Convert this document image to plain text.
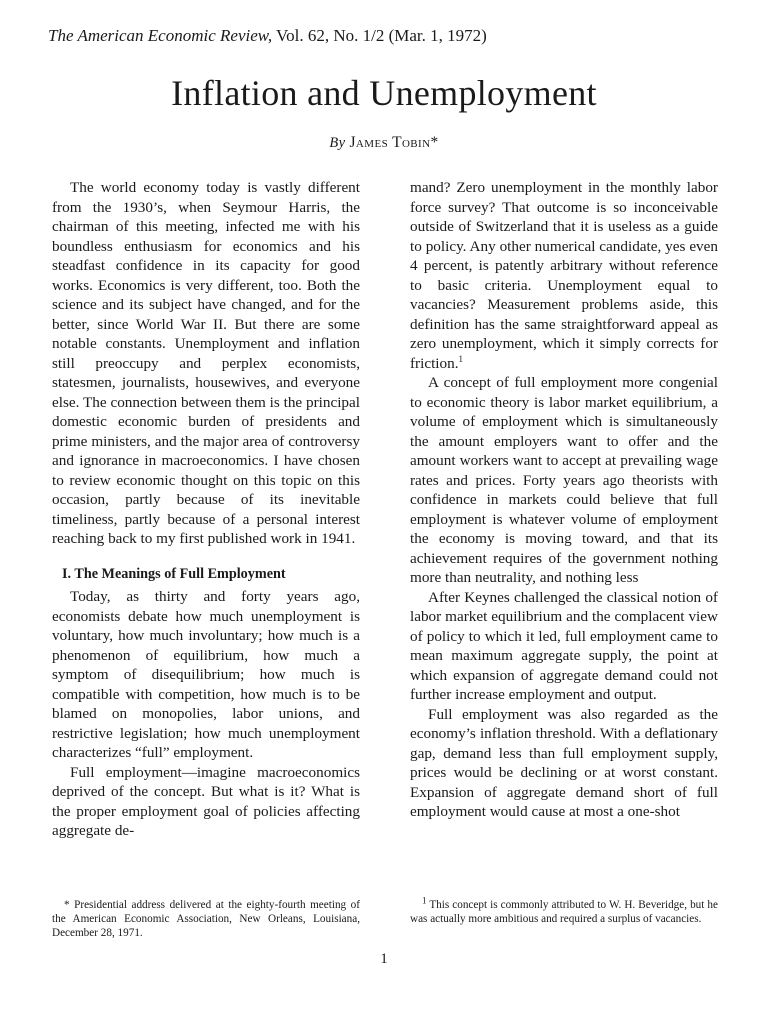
The American Economic Review, Vol. 62, No. 1/2 (Mar. 1, 1972)
Inflation and Unemployment
By James Tobin*

The world economy today is vastly different from the 1930’s, when Seymour Harris, the chairman of this meeting, infected me with his boundless enthusiasm for economics and his steadfast confidence in its capacity for good works. Economics is very different, too. Both the science and its subject have changed, and for the better, since World War II. But there are some notable constants. Unemployment and inflation still preoccupy and perplex economists, statesmen, journalists, housewives, and everyone else. The connection between them is the principal domestic economic burden of presidents and prime ministers, and the major area of controversy and ignorance in macroeconomics. I have chosen to review economic thought on this topic on this occasion, partly because of its inevitable timeliness, partly because of a personal interest reaching back to my first published work in 1941.

I. The Meanings of Full Employment

Today, as thirty and forty years ago, economists debate how much unemployment is voluntary, how much involuntary; how much is a phenomenon of equilibrium, how much a symptom of disequilibrium; how much is compatible with competition, how much is to be blamed on monopolies, labor unions, and restrictive legislation; how much unemployment characterizes “full” employment.

Full employment—imagine macroeconomics deprived of the concept. But what is it? What is the proper employment goal of policies affecting aggregate de-

mand? Zero unemployment in the monthly labor force survey? That outcome is so inconceivable outside of Switzerland that it is useless as a guide to policy. Any other numerical candidate, yes even 4 percent, is patently arbitrary without reference to basic criteria. Unemployment equal to vacancies? Measurement problems aside, this definition has the same straightforward appeal as zero unemployment, which it simply corrects for friction.$^1$

A concept of full employment more congenial to economic theory is labor market equilibrium, a volume of employment which is simultaneously the amount employers want to offer and the amount workers want to accept at prevailing wage rates and prices. Forty years ago theorists with confidence in markets could believe that full employment is whatever volume of employment the economy is moving toward, and that its achievement requires of the government nothing more than neutrality, and nothing less

After Keynes challenged the classical notion of labor market equilibrium and the complacent view of policy to which it led, full employment came to mean maximum aggregate supply, the point at which expansion of aggregate demand could not further increase employment and output.

Full employment was also regarded as the economy’s inflation threshold. With a deflationary gap, demand less than full employment supply, prices would be declining or at worst constant. Expansion of aggregate demand short of full employment would cause at most a one-shot

* Presidential address delivered at the eighty-fourth meeting of the American Economic Association, New Orleans, Louisiana, December 28, 1971.

$^1$ This concept is commonly attributed to W. H. Beveridge, but he was actually more ambitious and required a surplus of vacancies.

1
